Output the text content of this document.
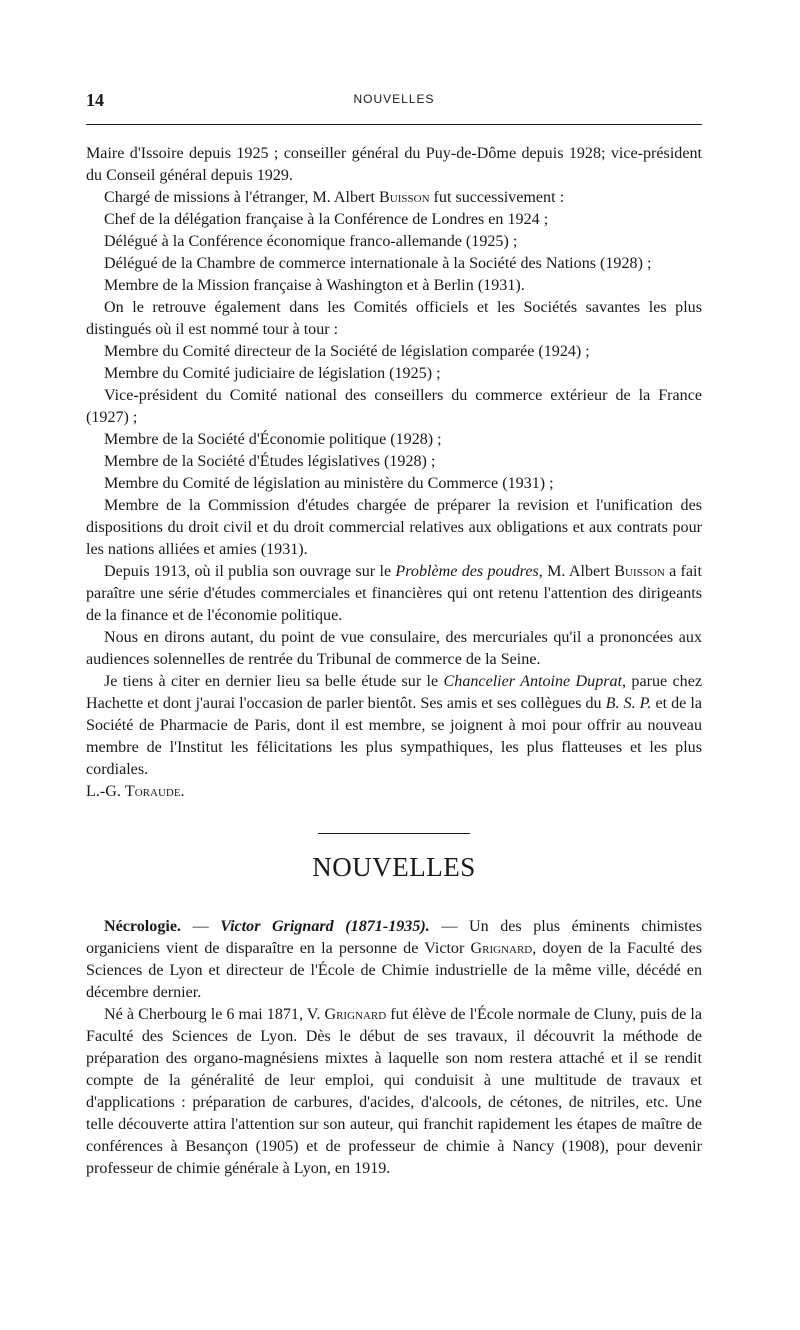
14	NOUVELLES

Maire d'Issoire depuis 1925 ; conseiller général du Puy-de-Dôme depuis 1928; vice-président du Conseil général depuis 1929.

Chargé de missions à l'étranger, M. Albert Buisson fut successivement :

Chef de la délégation française à la Conférence de Londres en 1924 ;

Délégué à la Conférence économique franco-allemande (1925) ;

Délégué de la Chambre de commerce internationale à la Société des Nations (1928) ;

Membre de la Mission française à Washington et à Berlin (1931).

On le retrouve également dans les Comités officiels et les Sociétés savantes les plus distingués où il est nommé tour à tour :

Membre du Comité directeur de la Société de législation comparée (1924) ;

Membre du Comité judiciaire de législation (1925) ;

Vice-président du Comité national des conseillers du commerce extérieur de la France (1927) ;

Membre de la Société d'Économie politique (1928) ;

Membre de la Société d'Études législatives (1928) ;

Membre du Comité de législation au ministère du Commerce (1931) ;

Membre de la Commission d'études chargée de préparer la revision et l'unification des dispositions du droit civil et du droit commercial relatives aux obligations et aux contrats pour les nations alliées et amies (1931).

Depuis 1913, où il publia son ouvrage sur le Problème des poudres, M. Albert Buisson a fait paraître une série d'études commerciales et financières qui ont retenu l'attention des dirigeants de la finance et de l'économie politique.

Nous en dirons autant, du point de vue consulaire, des mercuriales qu'il a prononcées aux audiences solennelles de rentrée du Tribunal de commerce de la Seine.

Je tiens à citer en dernier lieu sa belle étude sur le Chancelier Antoine Duprat, parue chez Hachette et dont j'aurai l'occasion de parler bientôt. Ses amis et ses collègues du B. S. P. et de la Société de Pharmacie de Paris, dont il est membre, se joignent à moi pour offrir au nouveau membre de l'Institut les félicitations les plus sympathiques, les plus flatteuses et les plus cordiales.

L.-G. Toraude.

NOUVELLES

Nécrologie. — Victor Grignard (1871-1935). — Un des plus éminents chimistes organiciens vient de disparaître en la personne de Victor Grignard, doyen de la Faculté des Sciences de Lyon et directeur de l'École de Chimie industrielle de la même ville, décédé en décembre dernier.

Né à Cherbourg le 6 mai 1871, V. Grignard fut élève de l'École normale de Cluny, puis de la Faculté des Sciences de Lyon. Dès le début de ses travaux, il découvrit la méthode de préparation des organo-magnésiens mixtes à laquelle son nom restera attaché et il se rendit compte de la généralité de leur emploi, qui conduisit à une multitude de travaux et d'applications : préparation de carbures, d'acides, d'alcools, de cétones, de nitriles, etc. Une telle découverte attira l'attention sur son auteur, qui franchit rapidement les étapes de maître de conférences à Besançon (1905) et de professeur de chimie à Nancy (1908), pour devenir professeur de chimie générale à Lyon, en 1919.
